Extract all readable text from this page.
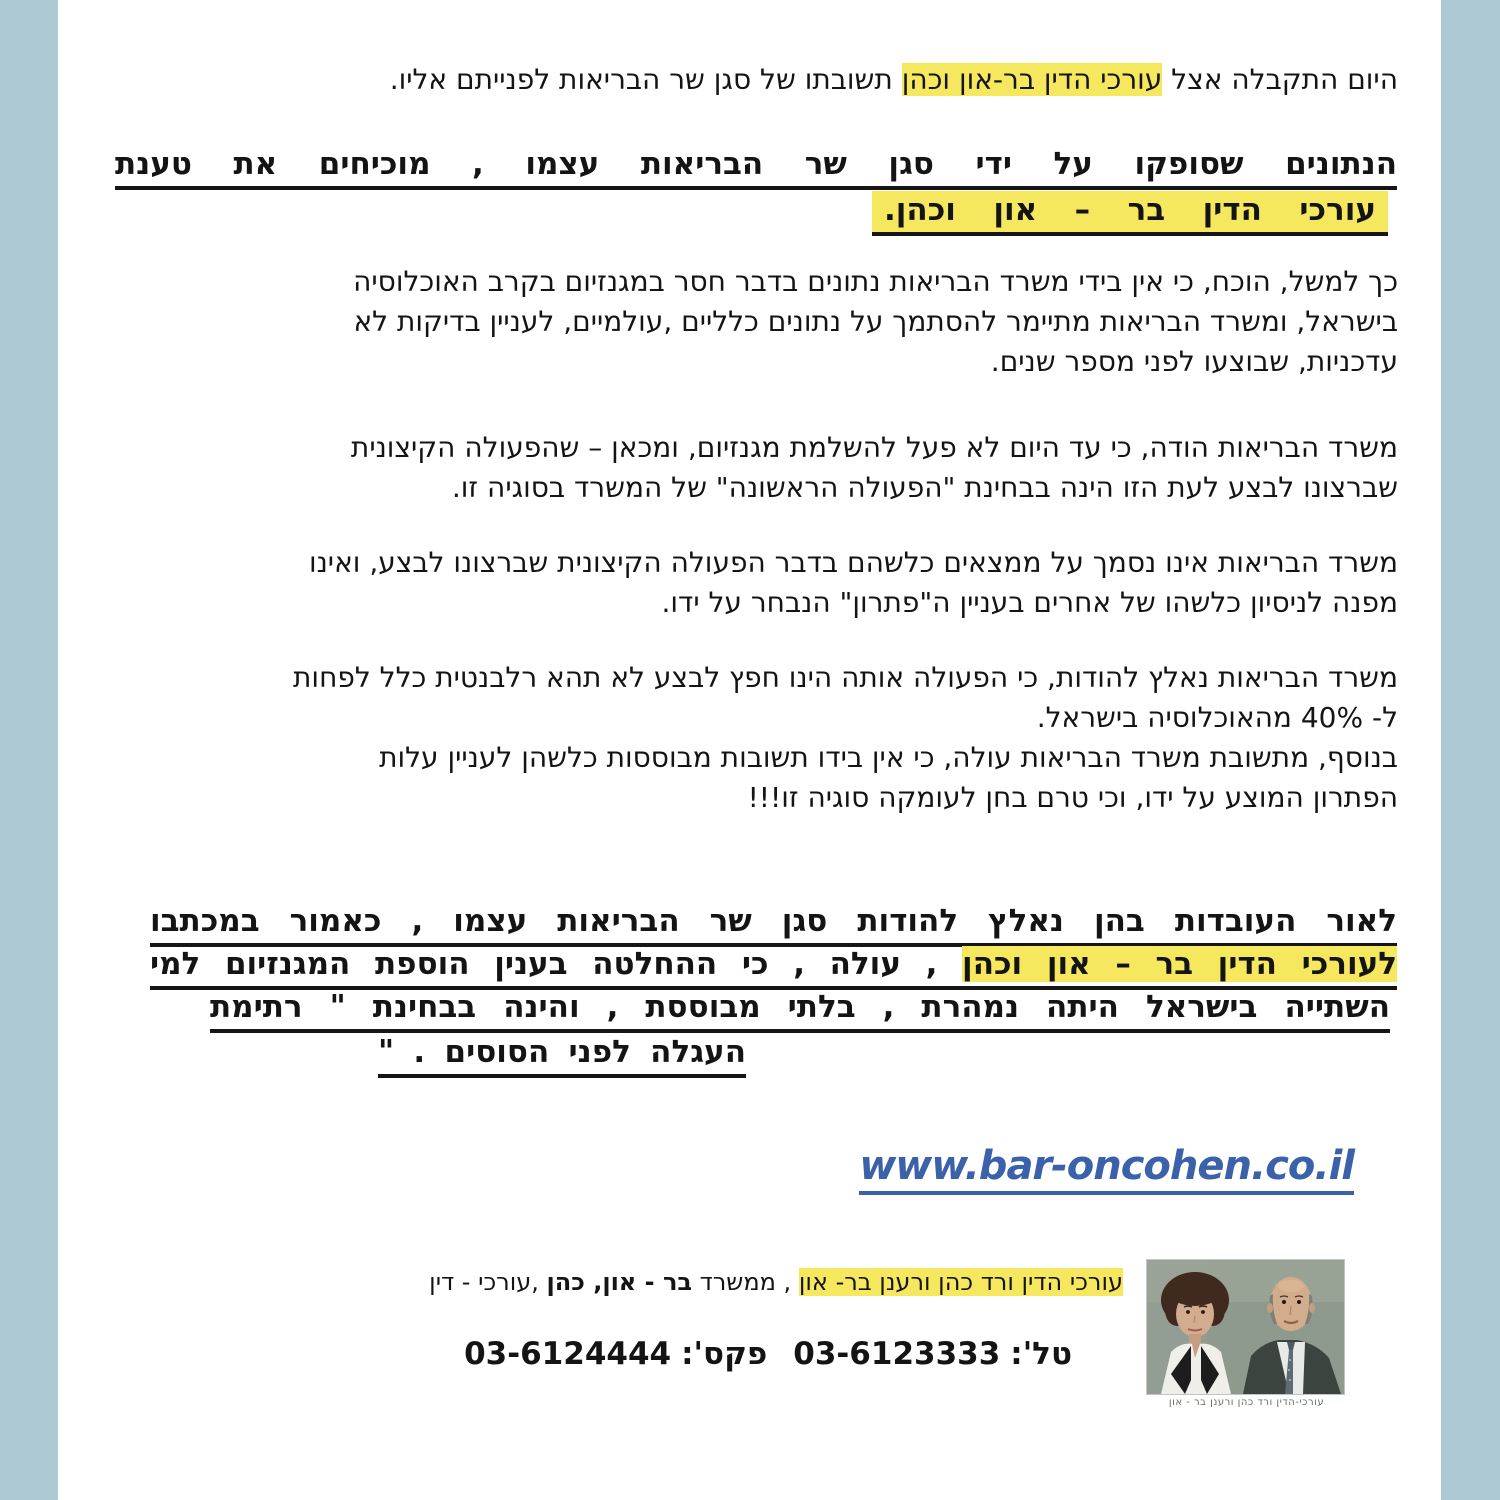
היום התקבלה אצל עורכי הדין בר-און וכהן תשובתו של סגן שר הבריאות לפנייתם אליו.
הנתונים שסופקו על ידי סגן שר הבריאות עצמו , מוכיחים את טענת
עורכי הדין בר – און וכהן.
כך למשל, הוכח, כי אין בידי משרד הבריאות נתונים בדבר חסר במגנזיום בקרב האוכלוסיה
בישראל, ומשרד הבריאות מתיימר להסתמך על נתונים כלליים ,עולמיים, לעניין בדיקות לא
עדכניות, שבוצעו לפני מספר שנים.
משרד הבריאות הודה, כי עד היום לא פעל להשלמת מגנזיום, ומכאן – שהפעולה הקיצונית
שברצונו לבצע לעת הזו הינה בבחינת "הפעולה הראשונה" של המשרד בסוגיה זו.
משרד הבריאות אינו נסמך על ממצאים כלשהם בדבר הפעולה הקיצונית שברצונו לבצע, ואינו
מפנה לניסיון כלשהו של אחרים בעניין ה"פתרון" הנבחר על ידו.
משרד הבריאות נאלץ להודות, כי הפעולה אותה הינו חפץ לבצע לא תהא רלבנטית כלל לפחות
ל- 40% מהאוכלוסיה בישראל.
בנוסף, מתשובת משרד הבריאות עולה, כי אין בידו תשובות מבוססות כלשהן לעניין עלות
הפתרון המוצע על ידו, וכי טרם בחן לעומקה סוגיה זו!!!
לאור העובדות בהן נאלץ להודות סגן שר הבריאות עצמו , כאמור במכתבו
לעורכי הדין בר – און וכהן , עולה , כי ההחלטה בענין הוספת המגנזיום למי
השתייה בישראל היתה נמהרת , בלתי מבוססת , והינה בבחינת " רתימת
העגלה לפני הסוסים . "
www.bar-oncohen.co.il
עורכי הדין ורד כהן ורענן בר- און , ממשרד בר - און, כהן ,עורכי - דין
טל':03-6123333פקס':03-6124444
עורכי-הדין ורד כהן ורענן בר - און
